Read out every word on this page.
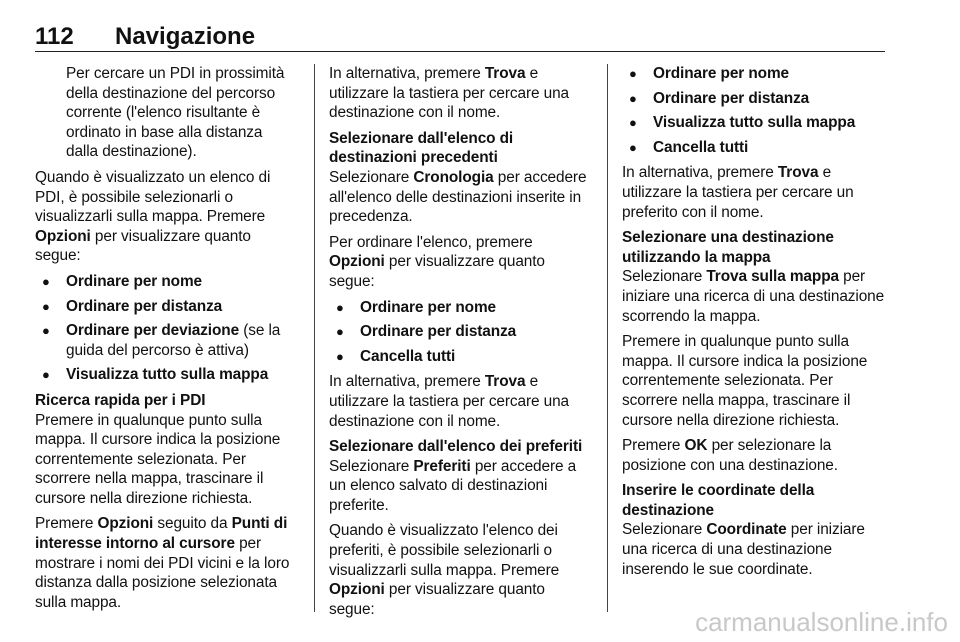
112 Navigazione

Per cercare un PDI in prossimità della destinazione del percorso corrente (l'elenco risultante è ordinato in base alla distanza dalla destinazione).

Quando è visualizzato un elenco di PDI, è possibile selezionarli o visualizzarli sulla mappa. Premere Opzioni per visualizzare quanto segue:

● Ordinare per nome
● Ordinare per distanza
● Ordinare per deviazione (se la guida del percorso è attiva)
● Visualizza tutto sulla mappa
Ricerca rapida per i PDI
Premere in qualunque punto sulla mappa. Il cursore indica la posizione correntemente selezionata. Per scorrere nella mappa, trascinare il cursore nella direzione richiesta.

Premere Opzioni seguito da Punti di interesse intorno al cursore per mostrare i nomi dei PDI vicini e la loro distanza dalla posizione selezionata sulla mappa.

In alternativa, premere Trova e utilizzare la tastiera per cercare una destinazione con il nome.

Selezionare dall'elenco di destinazioni precedenti
Selezionare Cronologia per accedere all'elenco delle destinazioni inserite in precedenza.

Per ordinare l'elenco, premere Opzioni per visualizzare quanto segue:

● Ordinare per nome
● Ordinare per distanza
● Cancella tutti

In alternativa, premere Trova e utilizzare la tastiera per cercare una destinazione con il nome.

Selezionare dall'elenco dei preferiti
Selezionare Preferiti per accedere a un elenco salvato di destinazioni preferite.

Quando è visualizzato l'elenco dei preferiti, è possibile selezionarli o visualizzarli sulla mappa. Premere Opzioni per visualizzare quanto segue:

● Ordinare per nome
● Ordinare per distanza
● Visualizza tutto sulla mappa
● Cancella tutti

In alternativa, premere Trova e utilizzare la tastiera per cercare un preferito con il nome.

Selezionare una destinazione utilizzando la mappa
Selezionare Trova sulla mappa per iniziare una ricerca di una destinazione scorrendo la mappa.

Premere in qualunque punto sulla mappa. Il cursore indica la posizione correntemente selezionata. Per scorrere nella mappa, trascinare il cursore nella direzione richiesta.

Premere OK per selezionare la posizione con una destinazione.

Inserire le coordinate della destinazione
Selezionare Coordinate per iniziare una ricerca di una destinazione inserendo le sue coordinate.
carmanualsonline.info
